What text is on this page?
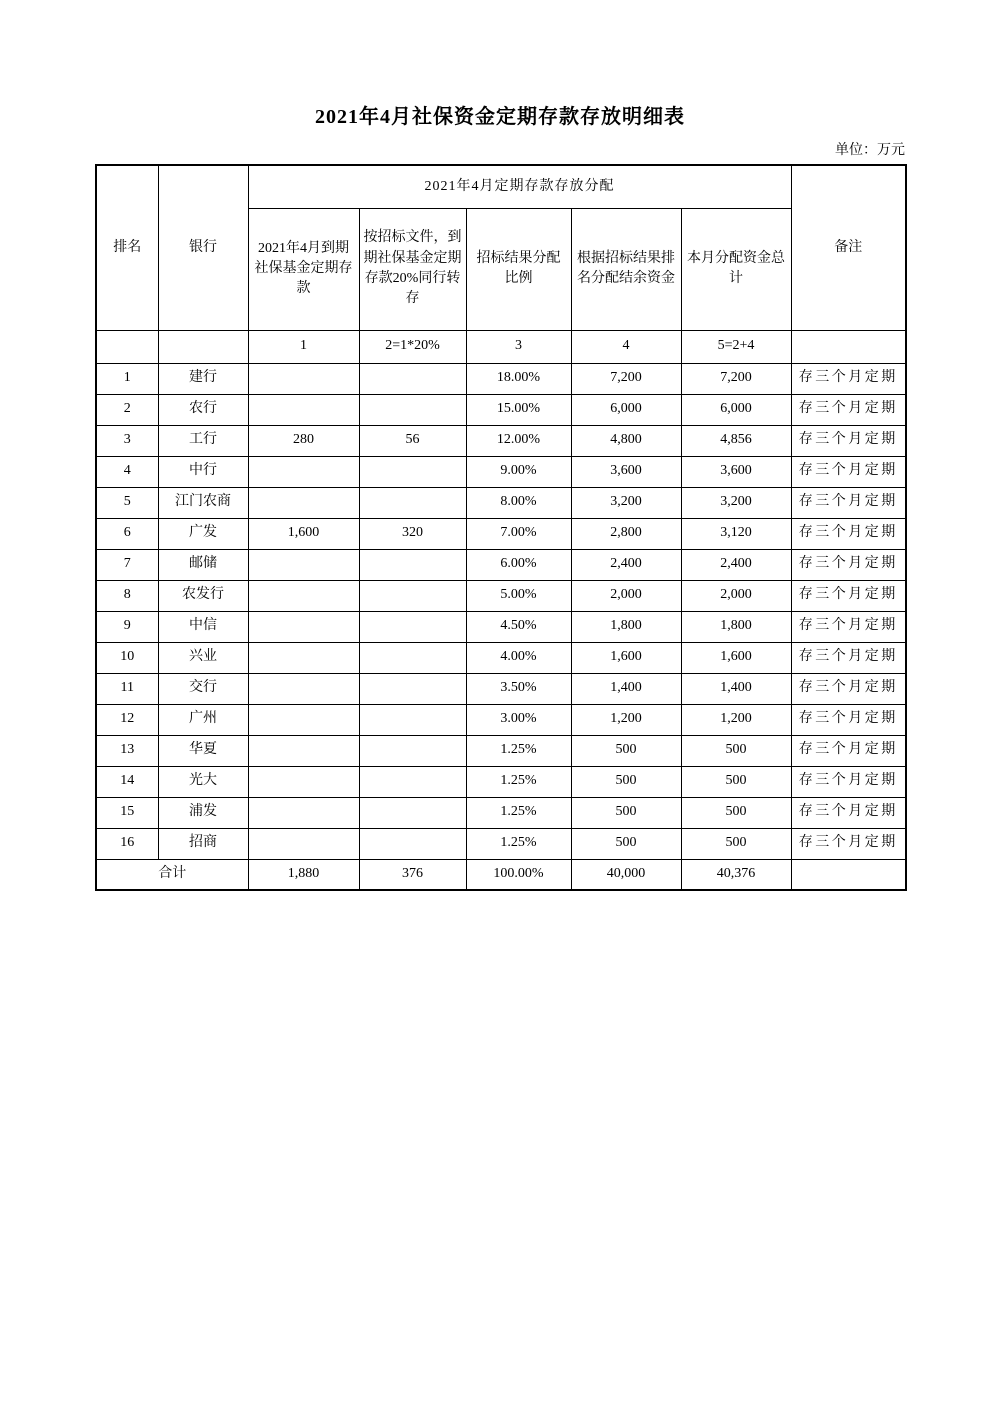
2021年4月社保资金定期存款存放明细表
单位：万元
排名	银行	2021年4月定期存款存放分配					备注
		2021年4月到期社保基金定期存款	按招标文件，到期社保基金定期存款20%同行转存	招标结果分配比例	根据招标结果排名分配结余资金	本月分配资金总计	
		1	2=1*20%	3	4	5=2+4	
1	建行			18.00%	7,200	7,200	存三个月定期
2	农行			15.00%	6,000	6,000	存三个月定期
3	工行	280	56	12.00%	4,800	4,856	存三个月定期
4	中行			9.00%	3,600	3,600	存三个月定期
5	江门农商			8.00%	3,200	3,200	存三个月定期
6	广发	1,600	320	7.00%	2,800	3,120	存三个月定期
7	邮储			6.00%	2,400	2,400	存三个月定期
8	农发行			5.00%	2,000	2,000	存三个月定期
9	中信			4.50%	1,800	1,800	存三个月定期
10	兴业			4.00%	1,600	1,600	存三个月定期
11	交行			3.50%	1,400	1,400	存三个月定期
12	广州			3.00%	1,200	1,200	存三个月定期
13	华夏			1.25%	500	500	存三个月定期
14	光大			1.25%	500	500	存三个月定期
15	浦发			1.25%	500	500	存三个月定期
16	招商			1.25%	500	500	存三个月定期
合计		1,880	376	100.00%	40,000	40,376	
